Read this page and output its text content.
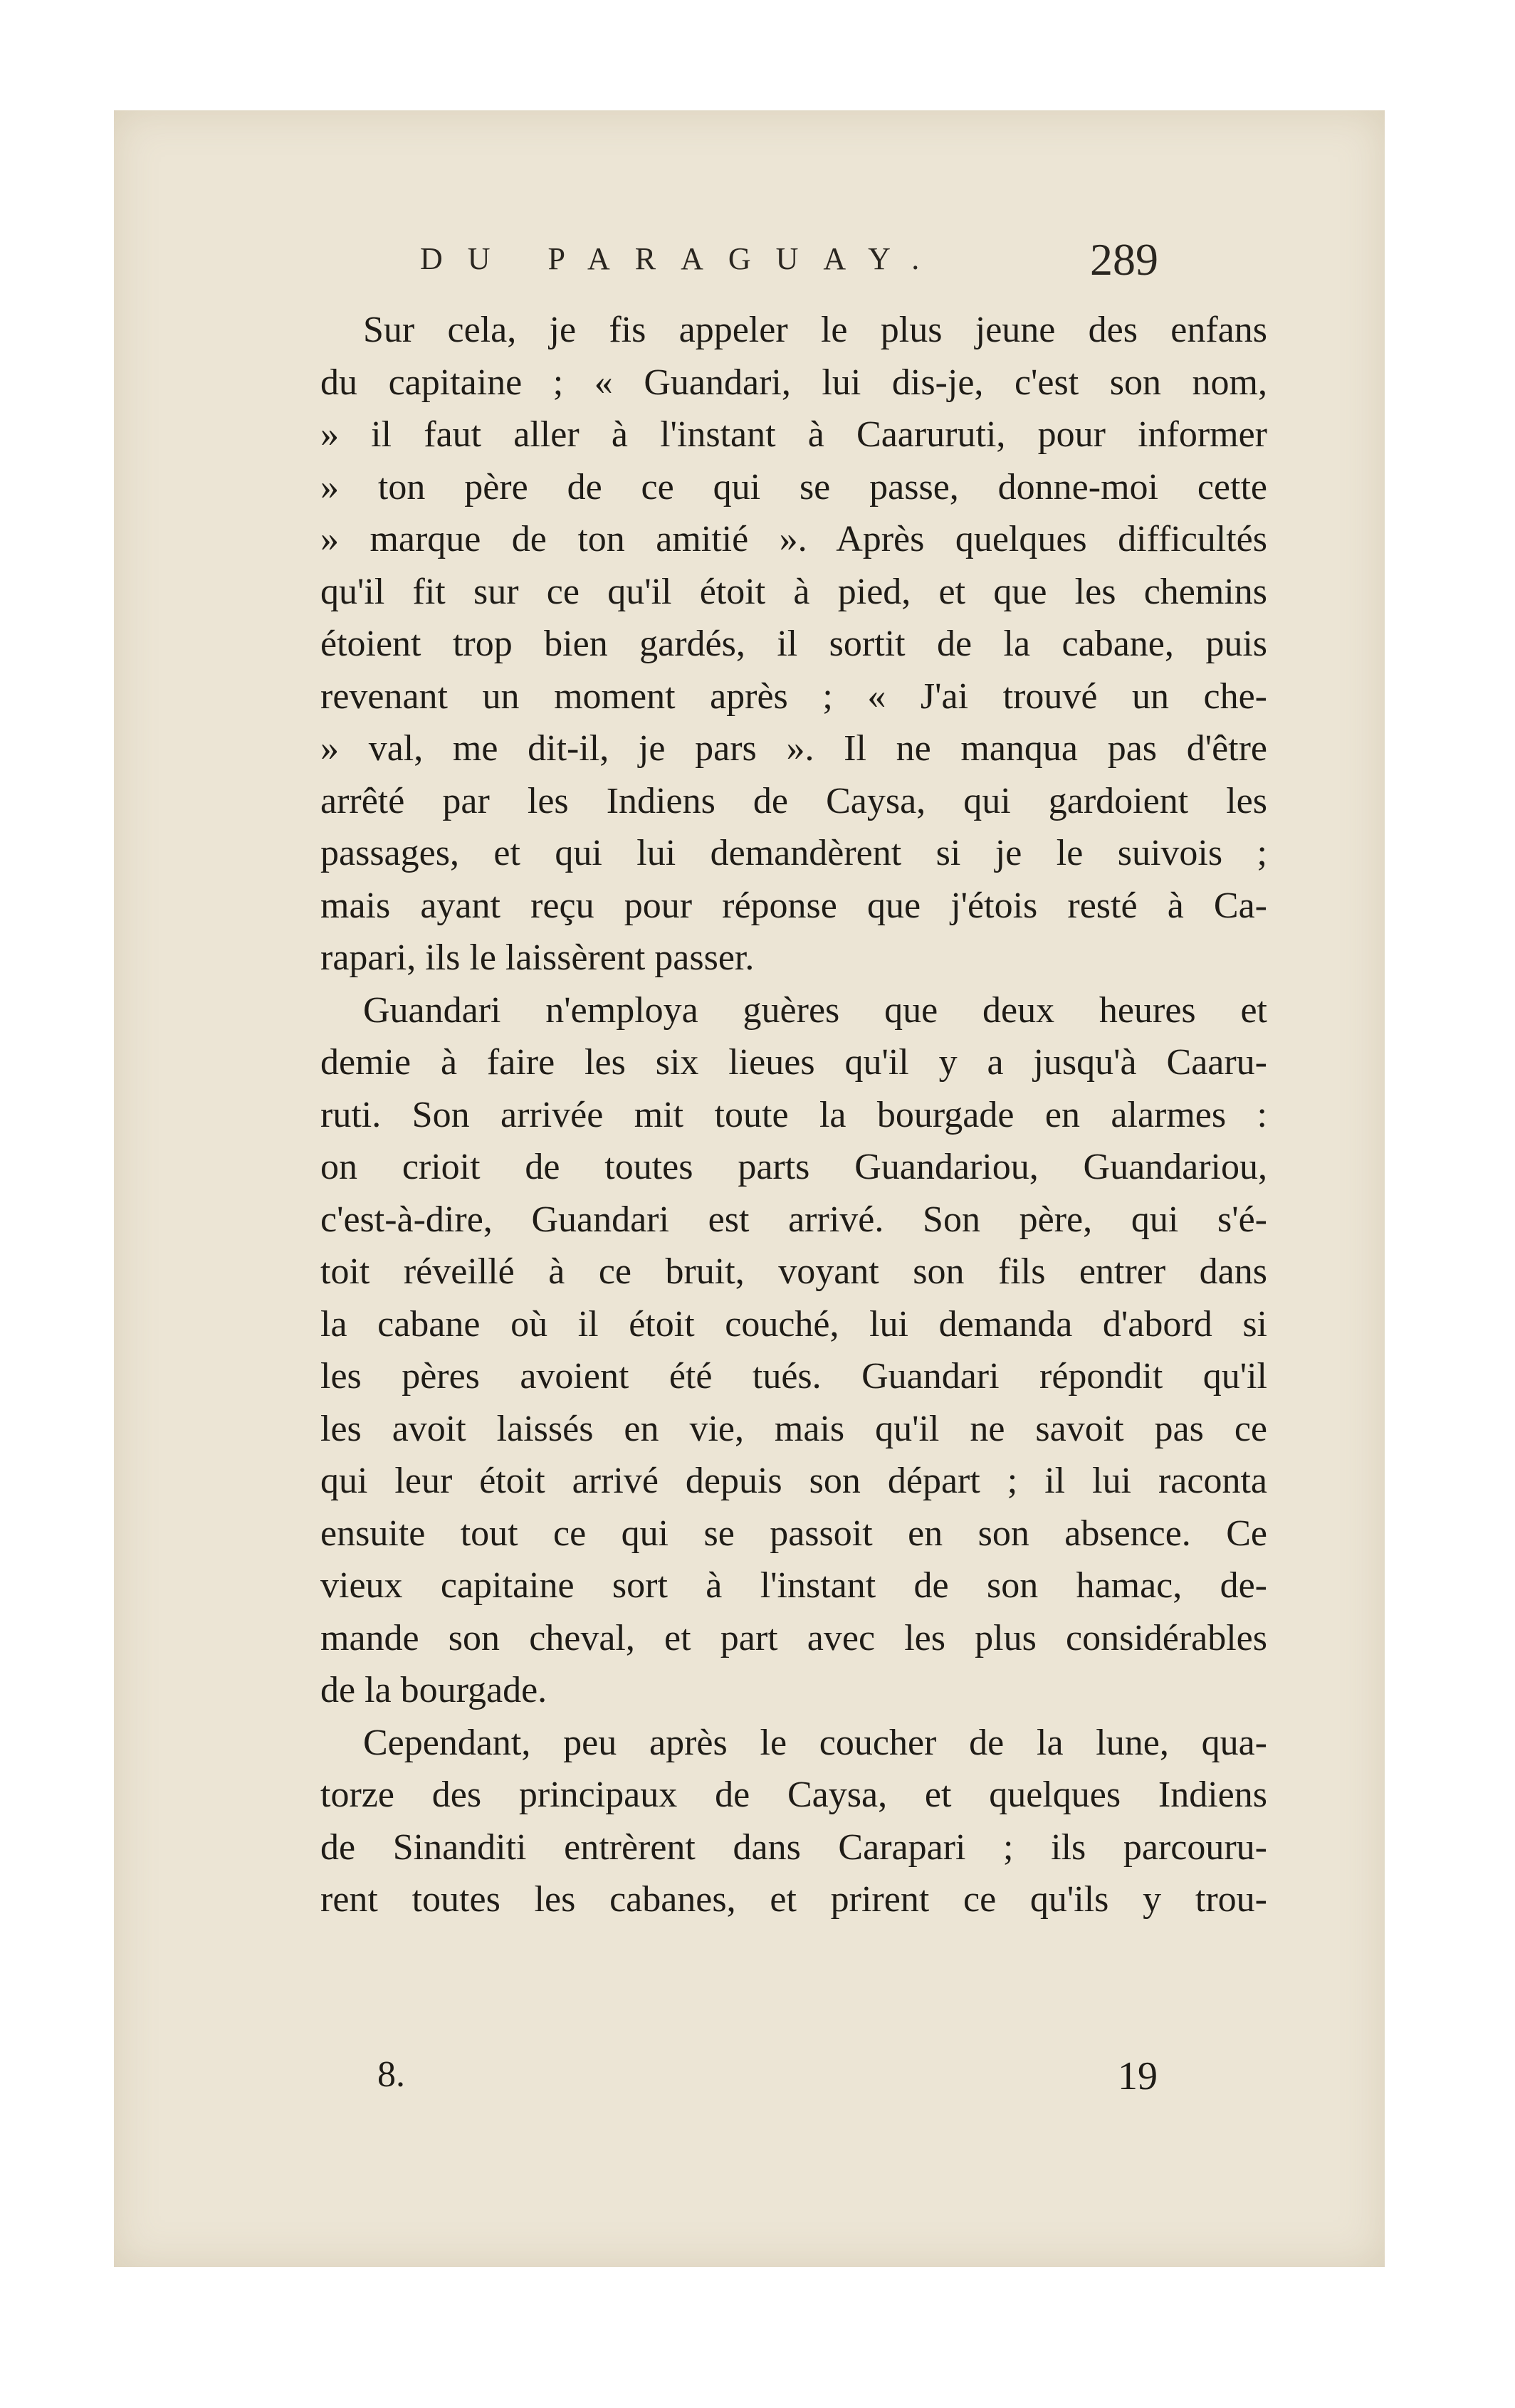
DU PARAGUAY.	289
Sur cela, je fis appeler le plus jeune des enfans
du capitaine ; « Guandari, lui dis-je, c'est son nom,
» il faut aller à l'instant à Caaruruti, pour informer
» ton père de ce qui se passe, donne-moi cette
» marque de ton amitié ». Après quelques difficultés
qu'il fit sur ce qu'il étoit à pied, et que les chemins
étoient trop bien gardés, il sortit de la cabane, puis
revenant un moment après ; « J'ai trouvé un che-
» val, me dit-il, je pars ». Il ne manqua pas d'être
arrêté par les Indiens de Caysa, qui gardoient les
passages, et qui lui demandèrent si je le suivois ;
mais ayant reçu pour réponse que j'étois resté à Ca-
rapari, ils le laissèrent passer.
Guandari n'employa guères que deux heures et
demie à faire les six lieues qu'il y a jusqu'à Caaru-
ruti. Son arrivée mit toute la bourgade en alarmes :
on crioit de toutes parts Guandariou, Guandariou,
c'est-à-dire, Guandari est arrivé. Son père, qui s'é-
toit réveillé à ce bruit, voyant son fils entrer dans
la cabane où il étoit couché, lui demanda d'abord si
les pères avoient été tués. Guandari répondit qu'il
les avoit laissés en vie, mais qu'il ne savoit pas ce
qui leur étoit arrivé depuis son départ ; il lui raconta
ensuite tout ce qui se passoit en son absence. Ce
vieux capitaine sort à l'instant de son hamac, de-
mande son cheval, et part avec les plus considérables
de la bourgade.
Cependant, peu après le coucher de la lune, qua-
torze des principaux de Caysa, et quelques Indiens
de Sinanditi entrèrent dans Carapari ; ils parcouru-
rent toutes les cabanes, et prirent ce qu'ils y trou-
8.	19
